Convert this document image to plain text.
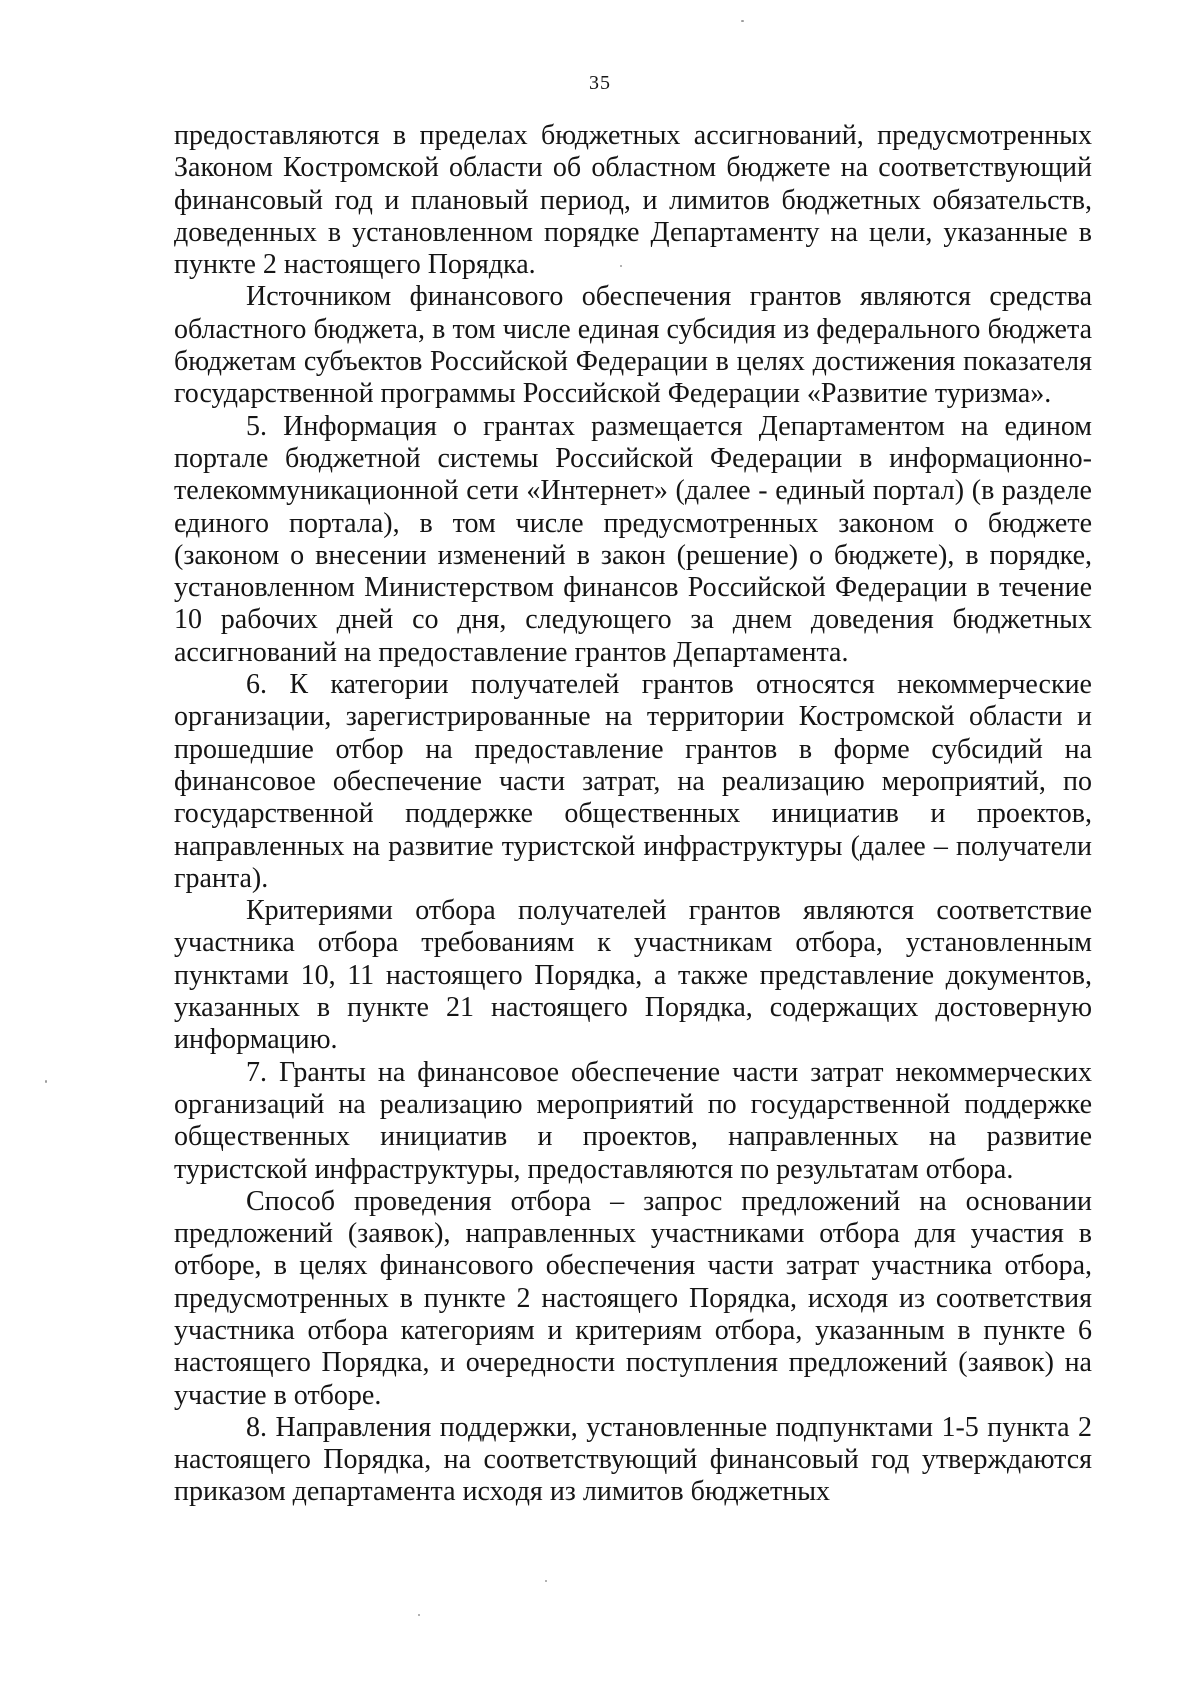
35

предоставляются в пределах бюджетных ассигнований, предусмотренных Законом Костромской области об областном бюджете на соответствующий финансовый год и плановый период, и лимитов бюджетных обязательств, доведенных в установленном порядке Департаменту на цели, указанные в пункте 2 настоящего Порядка.

Источником финансового обеспечения грантов являются средства областного бюджета, в том числе единая субсидия из федерального бюджета бюджетам субъектов Российской Федерации в целях достижения показателя государственной программы Российской Федерации «Развитие туризма».

5. Информация о грантах размещается Департаментом на едином портале бюджетной системы Российской Федерации в информационно-телекоммуникационной сети «Интернет» (далее - единый портал) (в разделе единого портала), в том числе предусмотренных законом о бюджете (законом о внесении изменений в закон (решение) о бюджете), в порядке, установленном Министерством финансов Российской Федерации в течение 10 рабочих дней со дня, следующего за днем доведения бюджетных ассигнований на предоставление грантов Департамента.

6. К категории получателей грантов относятся некоммерческие организации, зарегистрированные на территории Костромской области и прошедшие отбор на предоставление грантов в форме субсидий на финансовое обеспечение части затрат, на реализацию мероприятий, по государственной поддержке общественных инициатив и проектов, направленных на развитие туристской инфраструктуры (далее – получатели гранта).

Критериями отбора получателей грантов являются соответствие участника отбора требованиям к участникам отбора, установленным пунктами 10, 11 настоящего Порядка, а также представление документов, указанных в пункте 21 настоящего Порядка, содержащих достоверную информацию.

7. Гранты на финансовое обеспечение части затрат некоммерческих организаций на реализацию мероприятий по государственной поддержке общественных инициатив и проектов, направленных на развитие туристской инфраструктуры, предоставляются по результатам отбора.

Способ проведения отбора – запрос предложений на основании предложений (заявок), направленных участниками отбора для участия в отборе, в целях финансового обеспечения части затрат участника отбора, предусмотренных в пункте 2 настоящего Порядка, исходя из соответствия участника отбора категориям и критериям отбора, указанным в пункте 6 настоящего Порядка, и очередности поступления предложений (заявок) на участие в отборе.

8. Направления поддержки, установленные подпунктами 1-5 пункта 2 настоящего Порядка, на соответствующий финансовый год утверждаются приказом департамента исходя из лимитов бюджетных
